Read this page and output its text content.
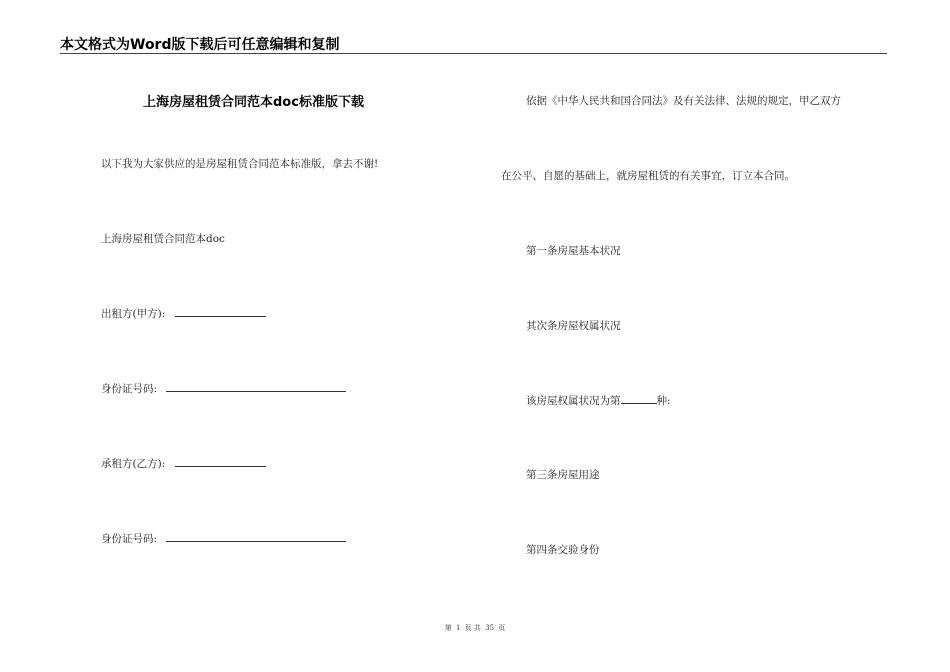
本文格式为Word版下载后可任意编辑和复制
上海房屋租赁合同范本doc标准版下载
以下我为大家供应的是房屋租赁合同范本标准版，拿去不谢!
上海房屋租赁合同范本doc
出租方(甲方):
身份证号码:
承租方(乙方):
身份证号码:
依据《中华人民共和国合同法》及有关法律、法规的规定，甲乙双方
在公平、自愿的基础上，就房屋租赁的有关事宜，订立本合同。
第一条房屋基本状况
其次条房屋权属状况
该房屋权属状况为第	种:
第三条房屋用途
第四条交验身份
第 1 页 共 35 页
